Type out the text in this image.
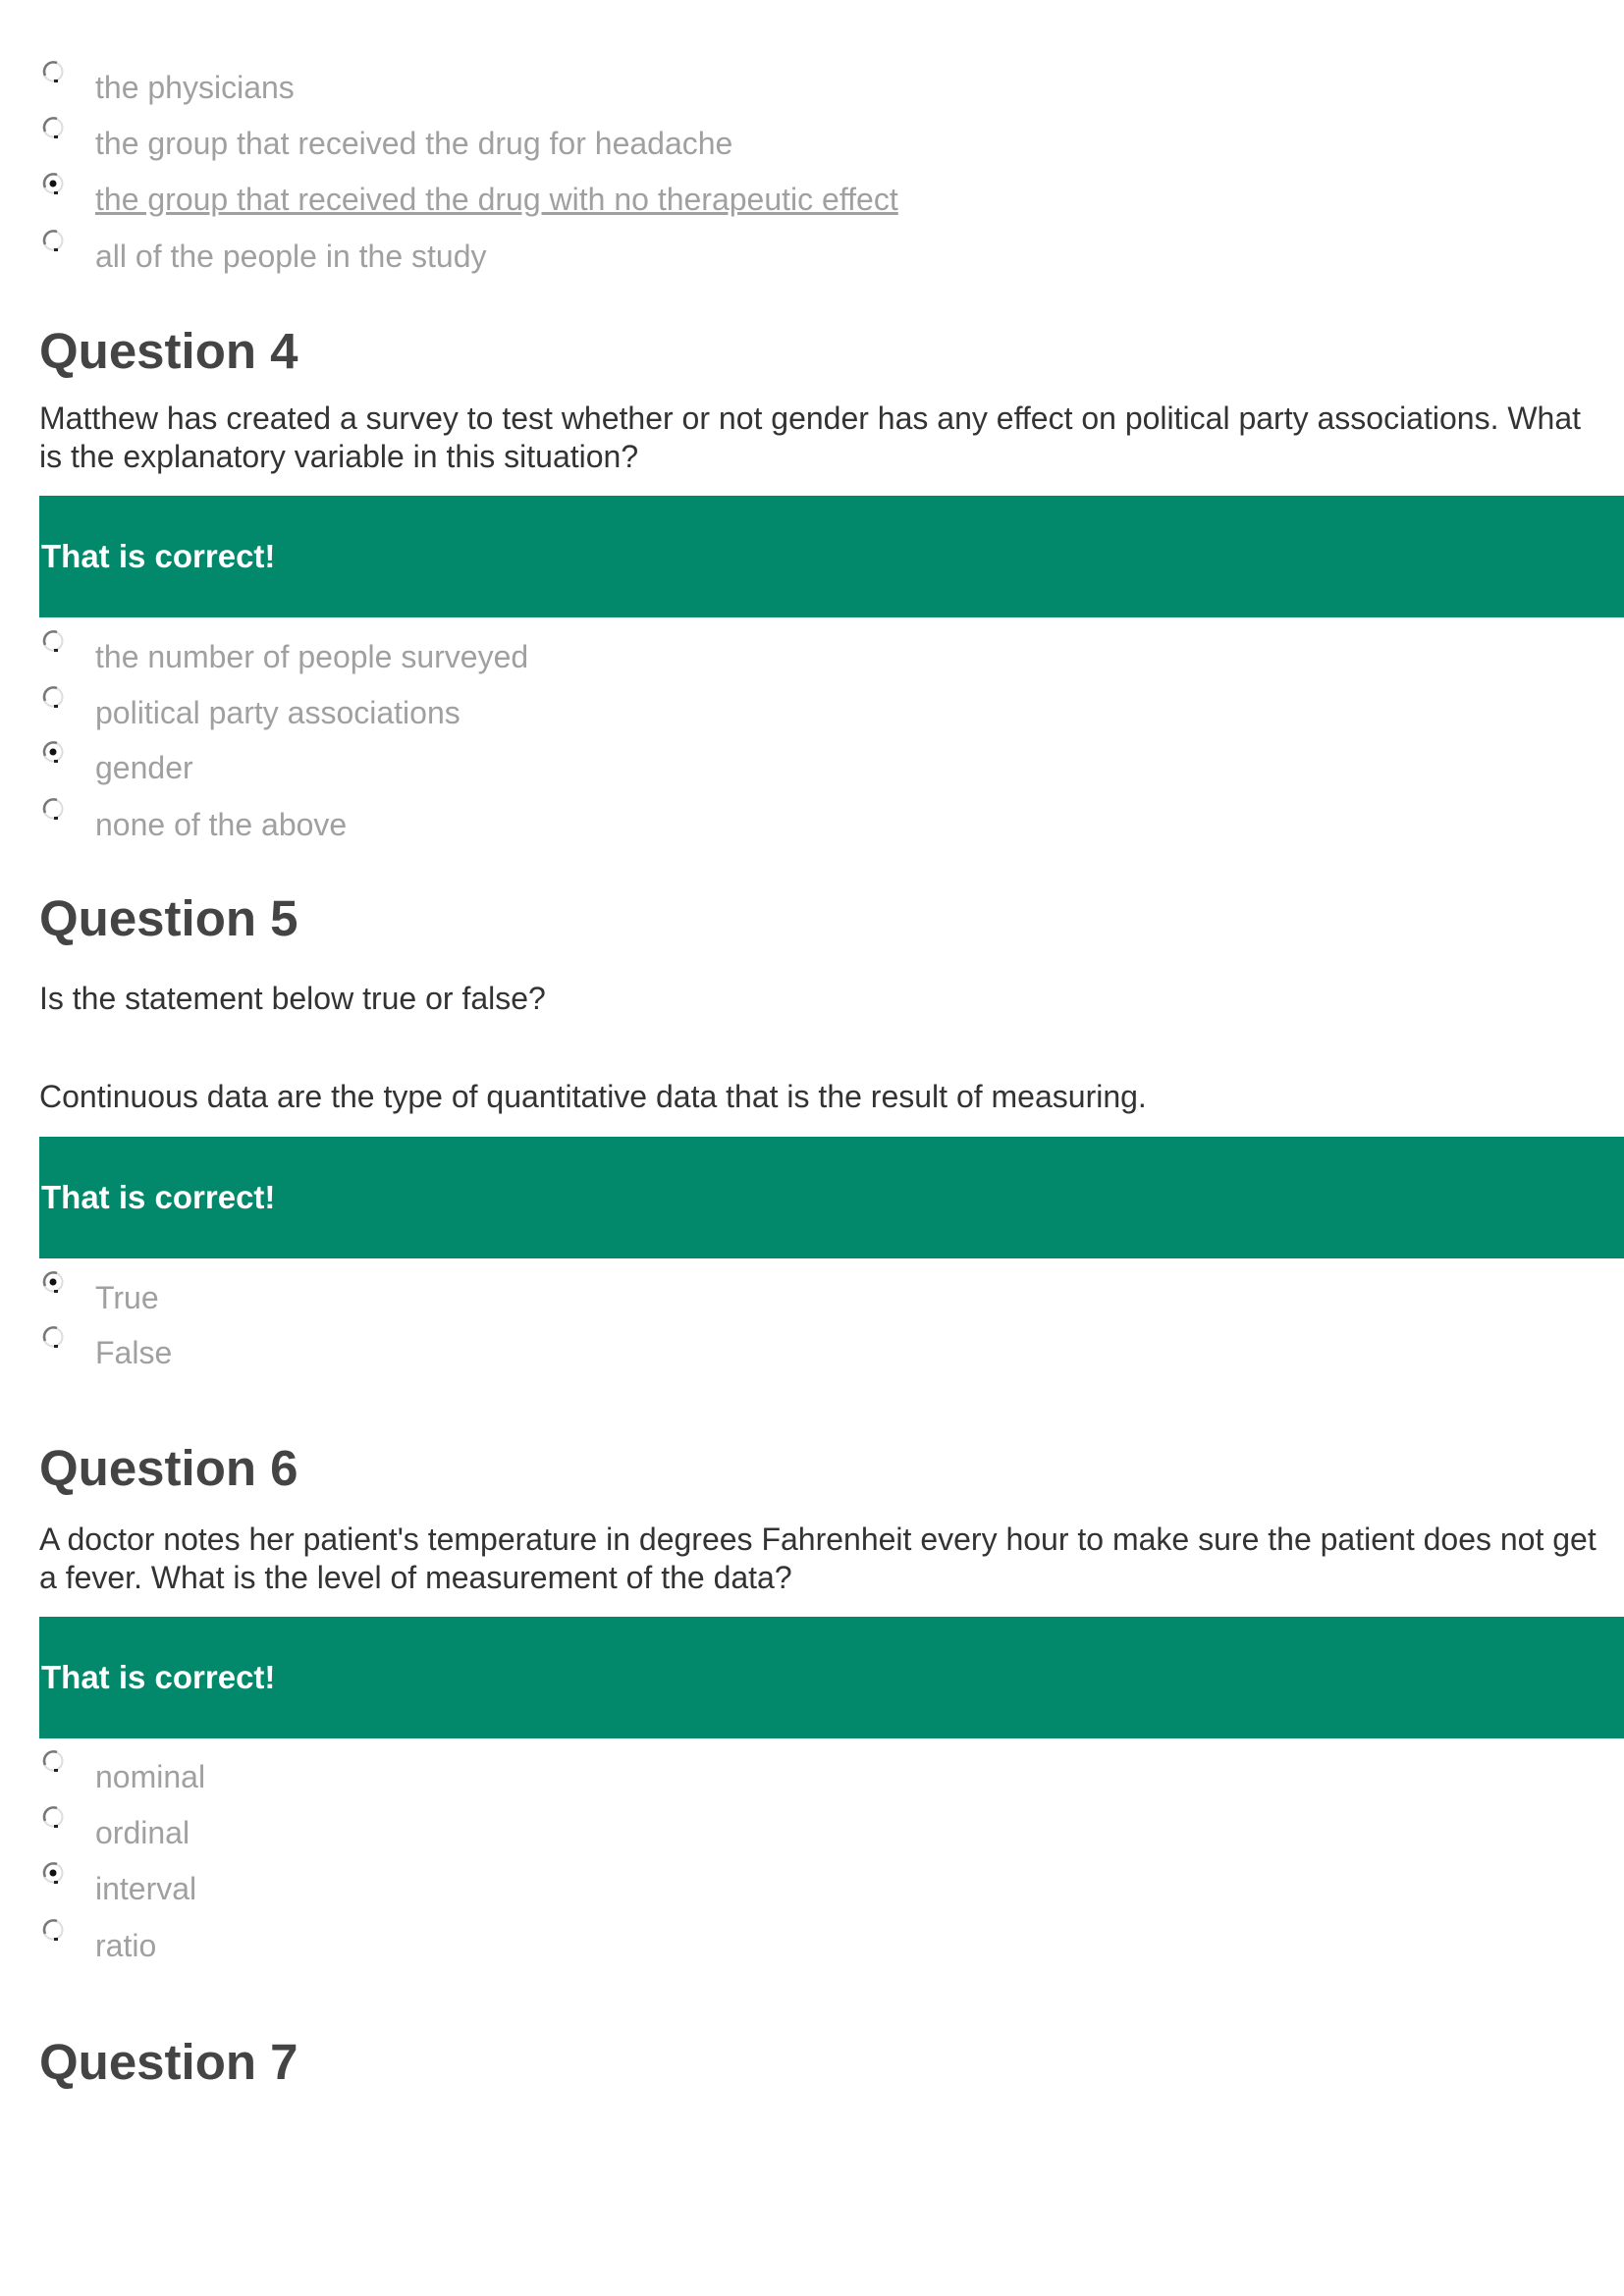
the physicians
the group that received the drug for headache
the group that received the drug with no therapeutic effect
all of the people in the study
Question 4
Matthew has created a survey to test whether or not gender has any effect on political party associations. What is the explanatory variable in this situation?
That is correct!
the number of people surveyed
political party associations
gender
none of the above
Question 5
Is the statement below true or false?
Continuous data are the type of quantitative data that is the result of measuring.
That is correct!
True
False
Question 6
A doctor notes her patient's temperature in degrees Fahrenheit every hour to make sure the patient does not get a fever. What is the level of measurement of the data?
That is correct!
nominal
ordinal
interval
ratio
Question 7
